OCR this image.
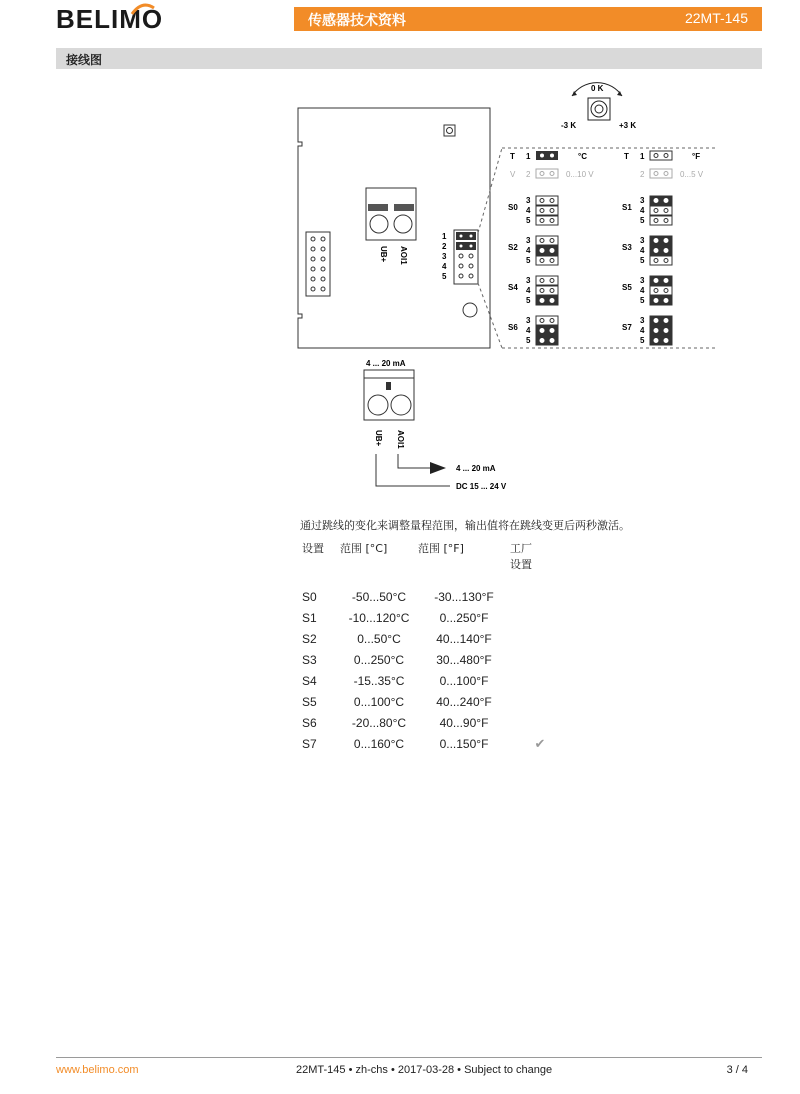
BELIMO	传感器技术资料	22MT-145
接线图
0 K
-3 K	+3 K
UB+ AOI1
1
2
3
4
5
T 1	°C
V 2	0...10 V
T 1	°F
2	0...5 V
S0
3
4
5
S1
3
4
5
S2
3
4
5
S3
3
4
5
S4
3
4
5
S5
3
4
5
S6
3
4
5
S7
3
4
5
4 ... 20 mA
UB+ AOI1
4 ... 20 mA
DC 15 ... 24 V
通过跳线的变化来调整量程范围，输出值将在跳线变更后两秒激活。
设置	范围 [°C]	范围 [°F]	工厂
设置
S0	-50...50°C	-30...130°F	
S1	-10...120°C	0...250°F	
S2	0...50°C	40...140°F	
S3	0...250°C	30...480°F	
S4	-15..35°C	0...100°F	
S5	0...100°C	40...240°F	
S6	-20...80°C	40...90°F	
S7	0...160°C	0...150°F	✔
www.belimo.com	22MT-145 • zh-chs • 2017-03-28 • Subject to change	3 / 4
